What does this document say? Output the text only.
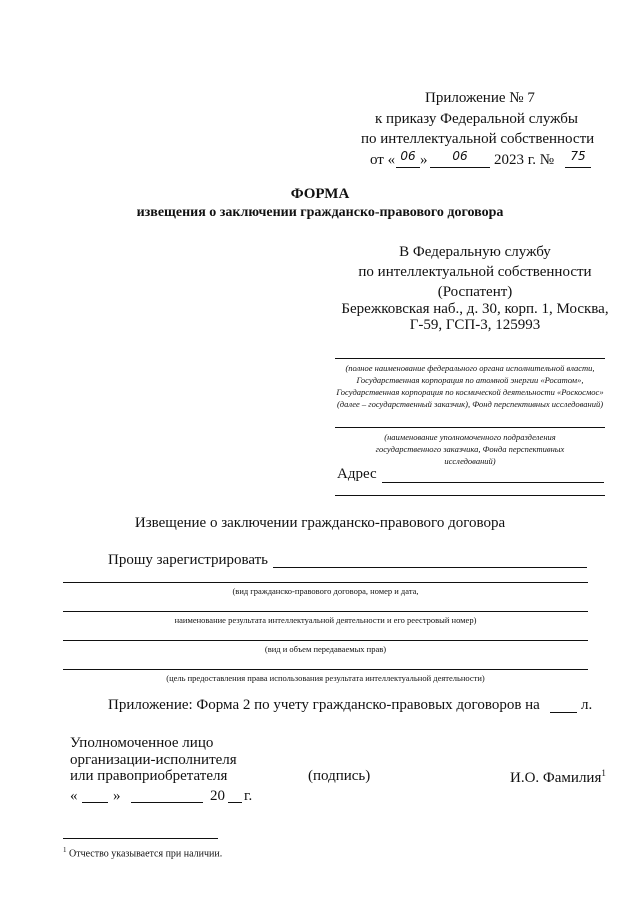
Приложение № 7
к приказу Федеральной службы
по интеллектуальной собственности
от « 06 »	06	2023 г. №	75
ФОРМА
извещения о заключении гражданско-правового договора
В Федеральную службу
по интеллектуальной собственности
(Роспатент)
Бережковская наб., д. 30, корп. 1, Москва,
Г-59, ГСП-3, 125993
(полное наименование федерального органа исполнительной власти, Государственная корпорация по атомной энергии «Росатом», Государственная корпорация по космической деятельности «Роскосмос» (далее – государственный заказчик), Фонд перспективных исследований)
(наименование уполномоченного подразделения государственного заказчика, Фонда перспективных исследований)
Адрес
Извещение о заключении гражданско-правового договора
Прошу зарегистрировать
(вид гражданско-правового договора, номер и дата,
наименование результата интеллектуальной деятельности и его реестровый номер)
(вид и объем передаваемых прав)
(цель предоставления права использования результата интеллектуальной деятельности)
Приложение: Форма 2 по учету гражданско-правовых договоров на	л.
Уполномоченное лицо
организации-исполнителя
или правоприобретателя	(подпись)	И.О. Фамилия$^1$
« »	20 г.
$^1$ Отчество указывается при наличии.
